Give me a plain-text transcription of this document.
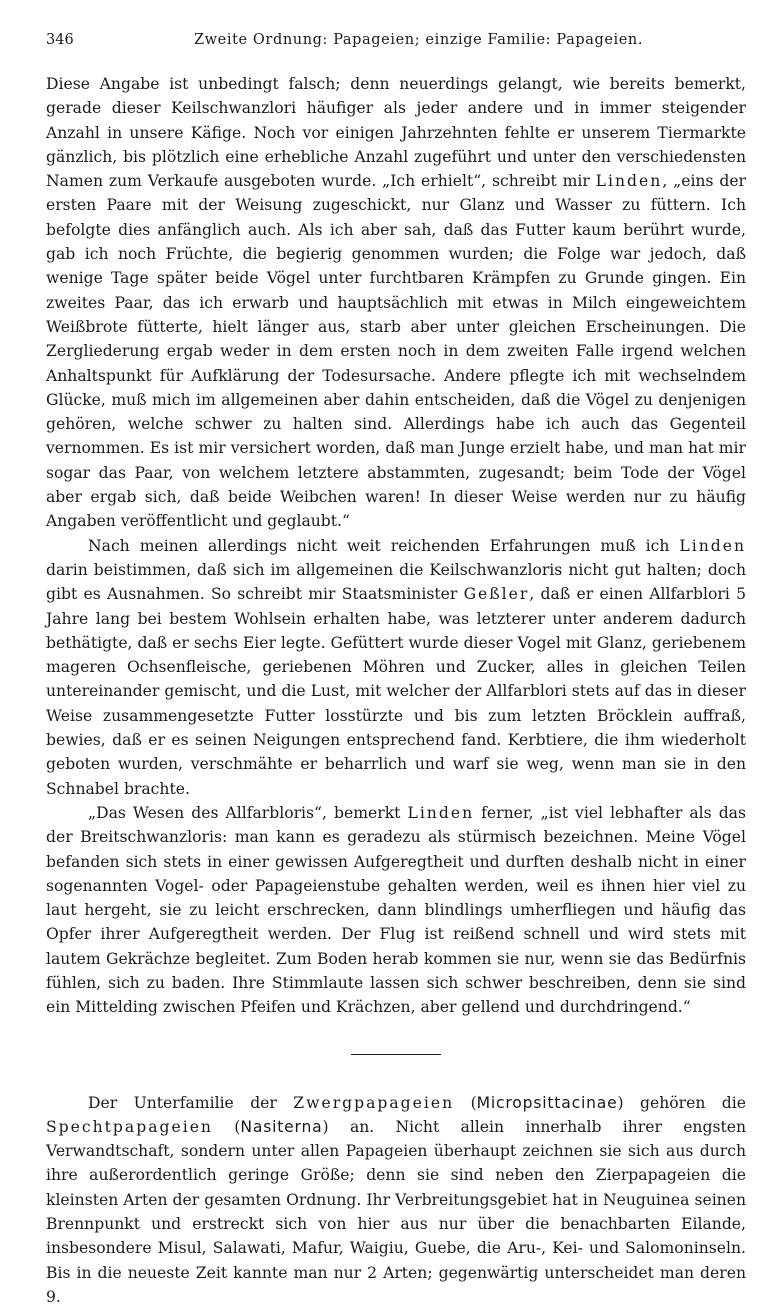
346	Zweite Ordnung: Papageien; einzige Familie: Papageien.

Diese Angabe ist unbedingt falsch; denn neuerdings gelangt, wie bereits bemerkt, gerade dieser Keilschwanzlori häufiger als jeder andere und in immer steigender Anzahl in unsere Käfige. Noch vor einigen Jahrzehnten fehlte er unserem Tiermarkte gänzlich, bis plötzlich eine erhebliche Anzahl zugeführt und unter den verschiedensten Namen zum Verkaufe ausgeboten wurde. „Ich erhielt“, schreibt mir Linden, „eins der ersten Paare mit der Weisung zugeschickt, nur Glanz und Wasser zu füttern. Ich befolgte dies anfänglich auch. Als ich aber sah, daß das Futter kaum berührt wurde, gab ich noch Früchte, die begierig genommen wurden; die Folge war jedoch, daß wenige Tage später beide Vögel unter furchtbaren Krämpfen zu Grunde gingen. Ein zweites Paar, das ich erwarb und hauptsächlich mit etwas in Milch eingeweichtem Weißbrote fütterte, hielt länger aus, starb aber unter gleichen Erscheinungen. Die Zergliederung ergab weder in dem ersten noch in dem zweiten Falle irgend welchen Anhaltspunkt für Aufklärung der Todesursache. Andere pflegte ich mit wechselndem Glücke, muß mich im allgemeinen aber dahin entscheiden, daß die Vögel zu denjenigen gehören, welche schwer zu halten sind. Allerdings habe ich auch das Gegenteil vernommen. Es ist mir versichert worden, daß man Junge erzielt habe, und man hat mir sogar das Paar, von welchem letztere abstammten, zugesandt; beim Tode der Vögel aber ergab sich, daß beide Weibchen waren! In dieser Weise werden nur zu häufig Angaben veröffentlicht und geglaubt.“

Nach meinen allerdings nicht weit reichenden Erfahrungen muß ich Linden darin beistimmen, daß sich im allgemeinen die Keilschwanzloris nicht gut halten; doch gibt es Ausnahmen. So schreibt mir Staatsminister Geßler, daß er einen Allfarblori 5 Jahre lang bei bestem Wohlsein erhalten habe, was letzterer unter anderem dadurch bethätigte, daß er sechs Eier legte. Gefüttert wurde dieser Vogel mit Glanz, geriebenem mageren Ochsenfleische, geriebenen Möhren und Zucker, alles in gleichen Teilen untereinander gemischt, und die Lust, mit welcher der Allfarblori stets auf das in dieser Weise zusammengesetzte Futter losstürzte und bis zum letzten Bröcklein auffraß, bewies, daß er es seinen Neigungen entsprechend fand. Kerbtiere, die ihm wiederholt geboten wurden, verschmähte er beharrlich und warf sie weg, wenn man sie in den Schnabel brachte.

„Das Wesen des Allfarbloris“, bemerkt Linden ferner, „ist viel lebhafter als das der Breitschwanzloris: man kann es geradezu als stürmisch bezeichnen. Meine Vögel befanden sich stets in einer gewissen Aufgeregtheit und durften deshalb nicht in einer sogenannten Vogel- oder Papageienstube gehalten werden, weil es ihnen hier viel zu laut hergeht, sie zu leicht erschrecken, dann blindlings umherfliegen und häufig das Opfer ihrer Aufgeregtheit werden. Der Flug ist reißend schnell und wird stets mit lautem Gekrächze begleitet. Zum Boden herab kommen sie nur, wenn sie das Bedürfnis fühlen, sich zu baden. Ihre Stimmlaute lassen sich schwer beschreiben, denn sie sind ein Mittelding zwischen Pfeifen und Krächzen, aber gellend und durchdringend.“

Der Unterfamilie der Zwergpapageien (Micropsittacinae) gehören die Spechtpapageien (Nasiterna) an. Nicht allein innerhalb ihrer engsten Verwandtschaft, sondern unter allen Papageien überhaupt zeichnen sie sich aus durch ihre außerordentlich geringe Größe; denn sie sind neben den Zierpapageien die kleinsten Arten der gesamten Ordnung. Ihr Verbreitungsgebiet hat in Neuguinea seinen Brennpunkt und erstreckt sich von hier aus nur über die benachbarten Eilande, insbesondere Misul, Salawati, Mafur, Waigiu, Guebe, die Aru-, Kei- und Salomoninseln. Bis in die neueste Zeit kannte man nur 2 Arten; gegenwärtig unterscheidet man deren 9.
